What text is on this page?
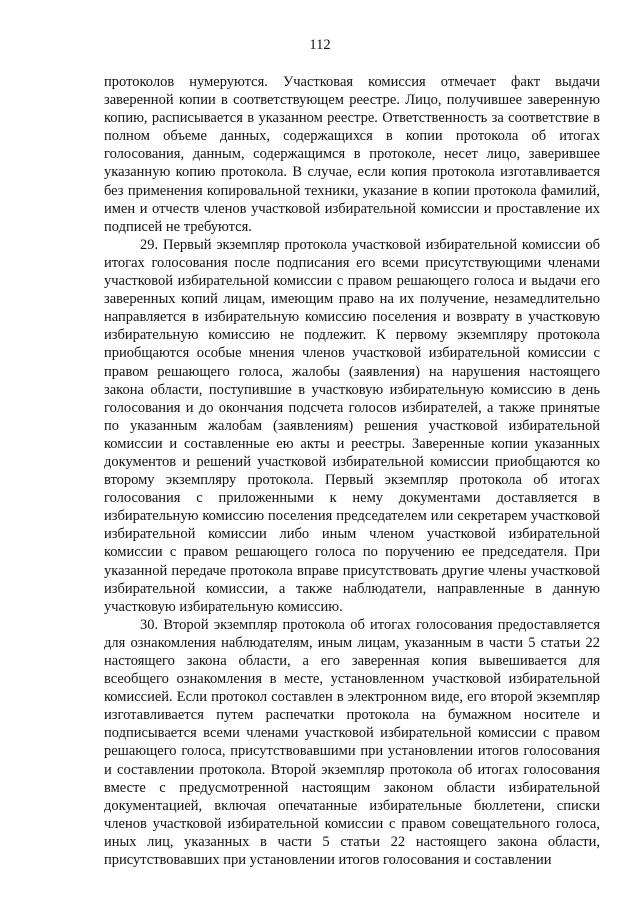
112

протоколов нумеруются. Участковая комиссия отмечает факт выдачи заверенной копии в соответствующем реестре. Лицо, получившее заверенную копию, расписывается в указанном реестре. Ответственность за соответствие в полном объеме данных, содержащихся в копии протокола об итогах голосования, данным, содержащимся в протоколе, несет лицо, заверившее указанную копию протокола. В случае, если копия протокола изготавливается без применения копировальной техники, указание в копии протокола фамилий, имен и отчеств членов участковой избирательной комиссии и проставление их подписей не требуются.

29. Первый экземпляр протокола участковой избирательной комиссии об итогах голосования после подписания его всеми присутствующими членами участковой избирательной комиссии с правом решающего голоса и выдачи его заверенных копий лицам, имеющим право на их получение, незамедлительно направляется в избирательную комиссию поселения и возврату в участковую избирательную комиссию не подлежит. К первому экземпляру протокола приобщаются особые мнения членов участковой избирательной комиссии с правом решающего голоса, жалобы (заявления) на нарушения настоящего закона области, поступившие в участковую избирательную комиссию в день голосования и до окончания подсчета голосов избирателей, а также принятые по указанным жалобам (заявлениям) решения участковой избирательной комиссии и составленные ею акты и реестры. Заверенные копии указанных документов и решений участковой избирательной комиссии приобщаются ко второму экземпляру протокола. Первый экземпляр протокола об итогах голосования с приложенными к нему документами доставляется в избирательную комиссию поселения председателем или секретарем участковой избирательной комиссии либо иным членом участковой избирательной комиссии с правом решающего голоса по поручению ее председателя. При указанной передаче протокола вправе присутствовать другие члены участковой избирательной комиссии, а также наблюдатели, направленные в данную участковую избирательную комиссию.

30. Второй экземпляр протокола об итогах голосования предоставляется для ознакомления наблюдателям, иным лицам, указанным в части 5 статьи 22 настоящего закона области, а его заверенная копия вывешивается для всеобщего ознакомления в месте, установленном участковой избирательной комиссией. Если протокол составлен в электронном виде, его второй экземпляр изготавливается путем распечатки протокола на бумажном носителе и подписывается всеми членами участковой избирательной комиссии с правом решающего голоса, присутствовавшими при установлении итогов голосования и составлении протокола. Второй экземпляр протокола об итогах голосования вместе с предусмотренной настоящим законом области избирательной документацией, включая опечатанные избирательные бюллетени, списки членов участковой избирательной комиссии с правом совещательного голоса, иных лиц, указанных в части 5 статьи 22 настоящего закона области, присутствовавших при установлении итогов голосования и составлении
